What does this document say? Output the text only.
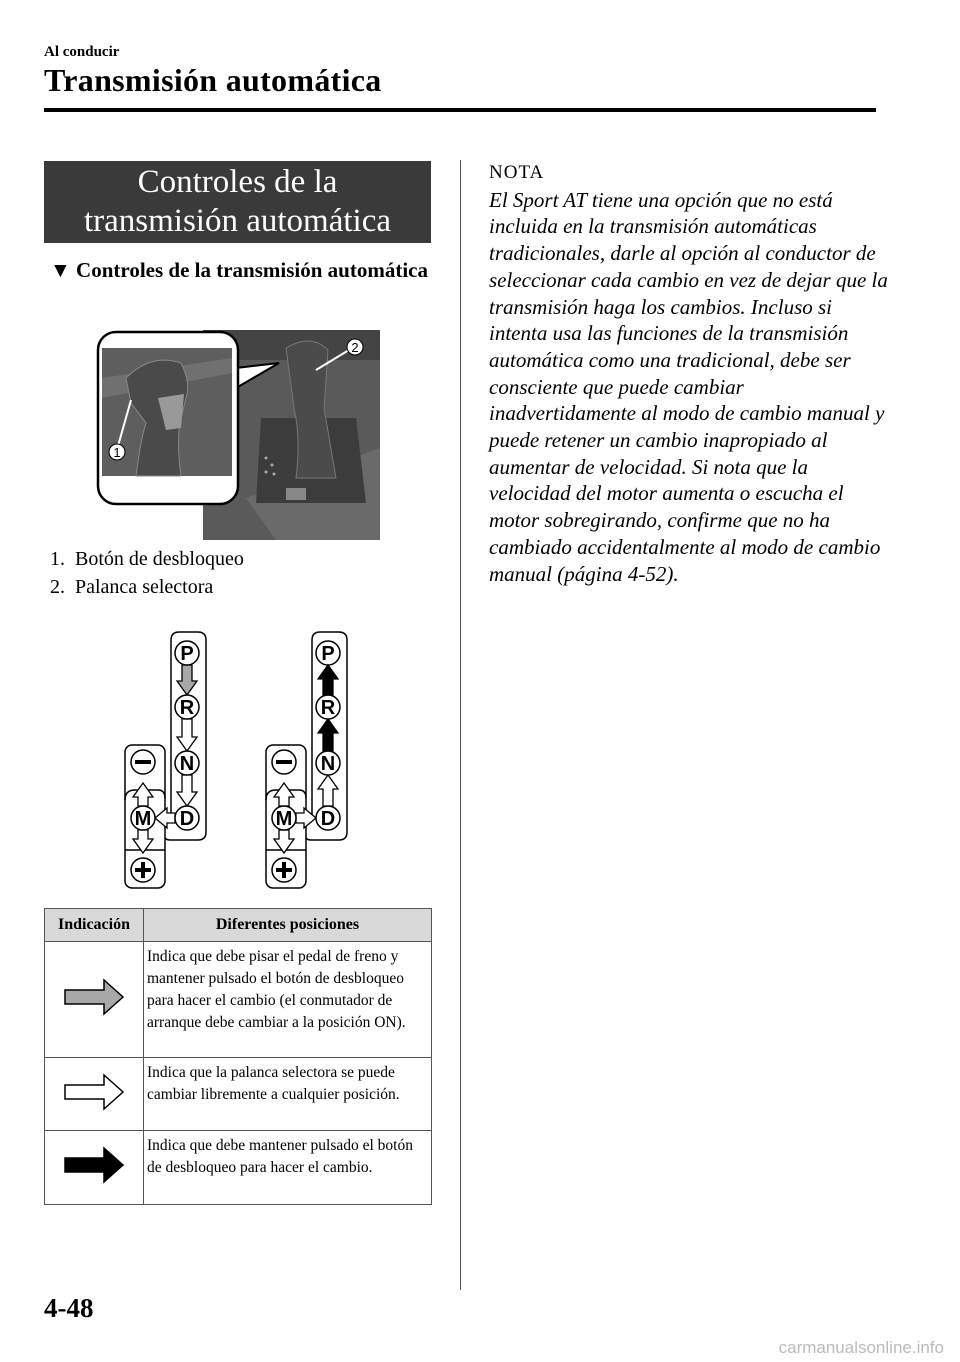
Al conducir
Transmisión automática
Controles de la
transmisión automática
▼ Controles de la transmisión automática
1
2
1. Botón de desbloqueo
2. Palanca selectora
P
R
N
D
M
P
R
N
D
M
Indicación	Diferentes posiciones
	Indica que debe pisar el pedal de freno y mantener pulsado el botón de desbloqueo para hacer el cambio (el conmutador de arranque debe cambiar a la posición ON).
	Indica que la palanca selectora se puede cambiar libremente a cualquier posición.
	Indica que debe mantener pulsado el botón de desbloqueo para hacer el cambio.
NOTA
El Sport AT tiene una opción que no está incluida en la transmisión automáticas tradicionales, darle al opción al conductor de seleccionar cada cambio en vez de dejar que la transmisión haga los cambios. Incluso si intenta usa las funciones de la transmisión automática como una tradicional, debe ser consciente que puede cambiar inadvertidamente al modo de cambio manual y puede retener un cambio inapropiado al aumentar de velocidad. Si nota que la velocidad del motor aumenta o escucha el motor sobregirando, confirme que no ha cambiado accidentalmente al modo de cambio manual (página 4-52).
4-48
carmanualsonline.info
